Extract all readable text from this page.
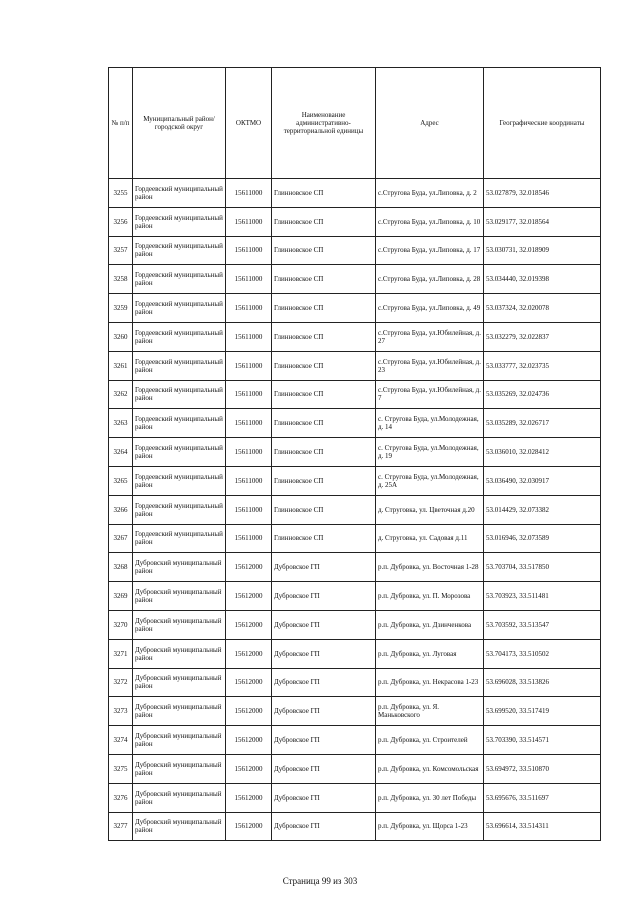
№ п/п	Муниципальный район/городской округ	ОКТМО	Наименование административно-территориальной единицы	Адрес	Географические координаты
3255	Гордеевский муниципальный район	15611000	Глинновское СП	с.Стругова Буда, ул.Липовка, д. 2	53.027879, 32.018546
3256	Гордеевский муниципальный район	15611000	Глинновское СП	с.Стругова Буда, ул.Липовка, д. 10	53.029177, 32.018564
3257	Гордеевский муниципальный район	15611000	Глинновское СП	с.Стругова Буда, ул.Липовка, д. 17	53.030731, 32.018909
3258	Гордеевский муниципальный район	15611000	Глинновское СП	с.Стругова Буда, ул.Липовка, д. 28	53.034440, 32.019398
3259	Гордеевский муниципальный район	15611000	Глинновское СП	с.Стругова Буда, ул.Липовка, д. 49	53.037324, 32.020078
3260	Гордеевский муниципальный район	15611000	Глинновское СП	с.Стругова Буда, ул.Юбилейная, д. 27	53.032279, 32.022837
3261	Гордеевский муниципальный район	15611000	Глинновское СП	с.Стругова Буда, ул.Юбилейная, д. 23	53.033777, 32.023735
3262	Гордеевский муниципальный район	15611000	Глинновское СП	с.Стругова Буда, ул.Юбилейная, д. 7	53.035269, 32.024736
3263	Гордеевский муниципальный район	15611000	Глинновское СП	с. Стругова Буда, ул.Молодежная, д. 14	53.035289, 32.026717
3264	Гордеевский муниципальный район	15611000	Глинновское СП	с. Стругова Буда, ул.Молодежная, д. 19	53.036010, 32.028412
3265	Гордеевский муниципальный район	15611000	Глинновское СП	с. Стругова Буда, ул.Молодежная, д. 25А	53.036490, 32.030917
3266	Гордеевский муниципальный район	15611000	Глинновское СП	д. Струговка, ул. Цветочная д.20	53.014429, 32.073382
3267	Гордеевский муниципальный район	15611000	Глинновское СП	д. Струговка, ул. Садовая д.11	53.016946, 32.073589
3268	Дубровский муниципальный район	15612000	Дубровское ГП	р.п. Дубровка, ул. Восточная 1-28	53.703704, 33.517850
3269	Дубровский муниципальный район	15612000	Дубровское ГП	р.п. Дубровка, ул. П. Морозова	53.703923, 33.511481
3270	Дубровский муниципальный район	15612000	Дубровское ГП	р.п. Дубровка, ул. Дзинченкова	53.703592, 33.513547
3271	Дубровский муниципальный район	15612000	Дубровское ГП	р.п. Дубровка, ул. Луговая	53.704173, 33.510502
3272	Дубровский муниципальный район	15612000	Дубровское ГП	р.п. Дубровка, ул. Некрасова 1-23	53.696028, 33.513826
3273	Дубровский муниципальный район	15612000	Дубровское ГП	р.п. Дубровка, ул. Я. Маньковского	53.699520, 33.517419
3274	Дубровский муниципальный район	15612000	Дубровское ГП	р.п. Дубровка, ул. Строителей	53.703390, 33.514571
3275	Дубровский муниципальный район	15612000	Дубровское ГП	р.п. Дубровка, ул. Комсомольская	53.694972, 33.510870
3276	Дубровский муниципальный район	15612000	Дубровское ГП	р.п. Дубровка, ул. 30 лет Победы	53.695676, 33.511697
3277	Дубровский муниципальный район	15612000	Дубровское ГП	р.п. Дубровка, ул. Щорса 1-23	53.696614, 33.514311
Страница 99 из 303
